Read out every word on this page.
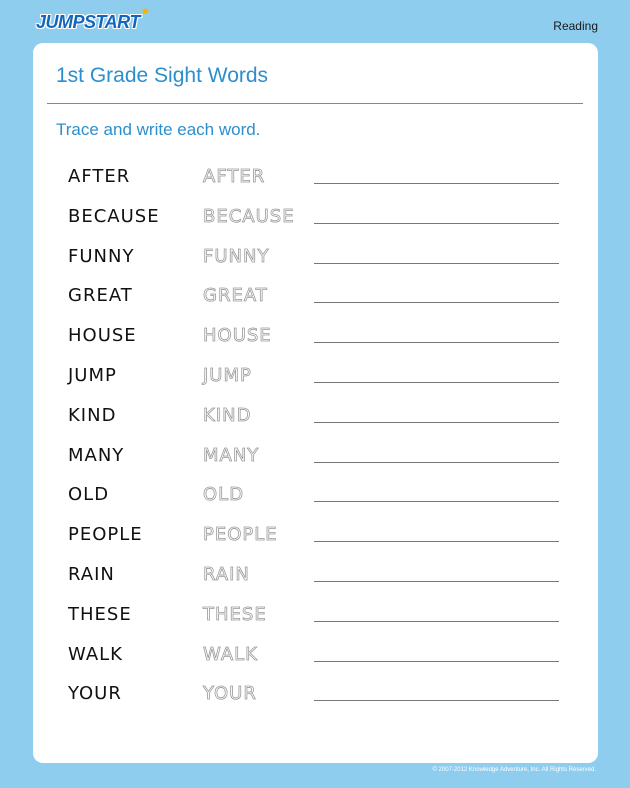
JUMPSTART
★
Reading
1st Grade Sight Words
Trace and write each word.
AFTER	AFTER
BECAUSE BECAUSE
FUNNY	FUNNY
GREAT	GREAT
HOUSE	HOUSE
JUMP	JUMP
KIND	KIND
MANY	MANY
OLD	OLD
PEOPLE	PEOPLE
RAIN	RAIN
THESE	THESE
WALK	WALK
YOUR	YOUR
© 2007-2012 Knowledge Adventure, Inc. All Rights Reserved.
